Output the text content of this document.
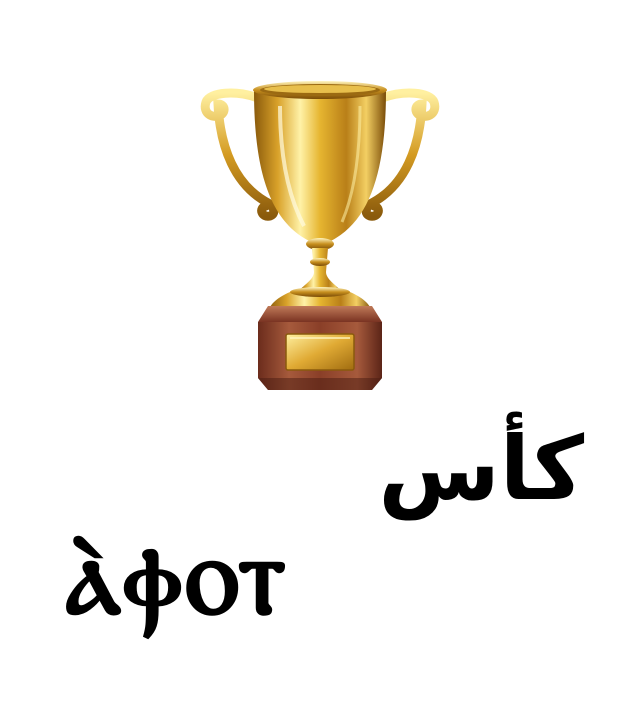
كأس
ⲁ̀ⲫⲟⲧ
